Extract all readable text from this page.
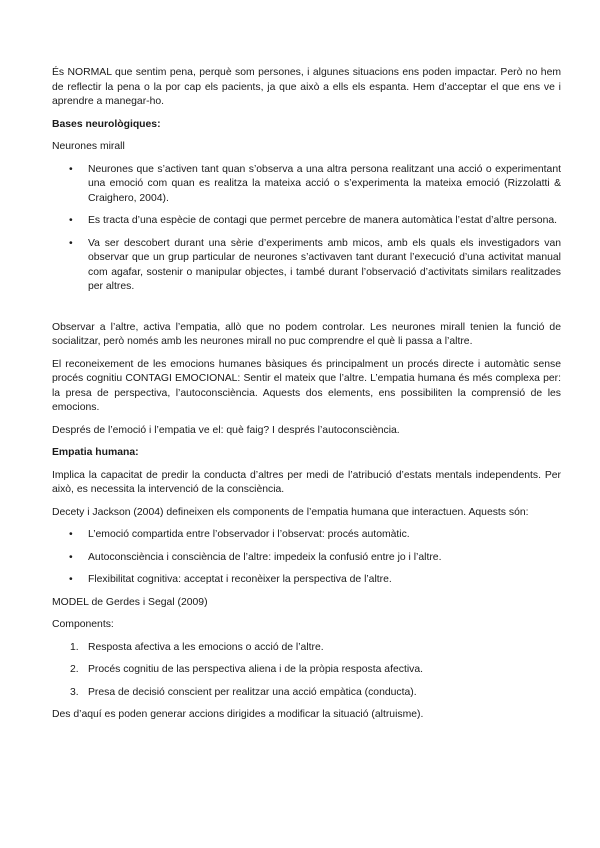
És NORMAL que sentim pena, perquè som persones, i algunes situacions ens poden impactar. Però no hem de reflectir la pena o la por cap els pacients, ja que això a ells els espanta. Hem d’acceptar el que ens ve i aprendre a manegar-ho.

Bases neurològiques:

Neurones mirall

• Neurones que s’activen tant quan s’observa a una altra persona realitzant una acció o experimentant una emoció com quan es realitza la mateixa acció o s’experimenta la mateixa emoció (Rizzolatti & Craighero, 2004).
• Es tracta d’una espècie de contagi que permet percebre de manera automàtica l’estat d’altre persona.
• Va ser descobert durant una sèrie d’experiments amb micos, amb els quals els investigadors van observar que un grup particular de neurones s’activaven tant durant l’execució d’una activitat manual com agafar, sostenir o manipular objectes, i també durant l’observació d’activitats similars realitzades per altres.

Observar a l’altre, activa l’empatia, allò que no podem controlar. Les neurones mirall tenien la funció de socialitzar, però només amb les neurones mirall no puc comprendre el què li passa a l’altre.

El reconeixement de les emocions humanes bàsiques és principalment un procés directe i automàtic sense procés cognitiu CONTAGI EMOCIONAL: Sentir el mateix que l’altre. L’empatia humana és més complexa per: la presa de perspectiva, l’autoconsciència. Aquests dos elements, ens possibiliten la comprensió de les emocions.

Després de l’emoció i l’empatia ve el: què faig? I després l’autoconsciència.

Empatia humana:

Implica la capacitat de predir la conducta d’altres per medi de l’atribució d’estats mentals independents. Per això, es necessita la intervenció de la consciència.

Decety i Jackson (2004) defineixen els components de l’empatia humana que interactuen. Aquests són:

• L’emoció compartida entre l’observador i l’observat: procés automàtic.
• Autoconsciència i consciència de l’altre: impedeix la confusió entre jo i l’altre.
• Flexibilitat cognitiva: acceptat i reconèixer la perspectiva de l’altre.

MODEL de Gerdes i Segal (2009)

Components:

1. Resposta afectiva a les emocions o acció de l’altre.
2. Procés cognitiu de las perspectiva aliena i de la pròpia resposta afectiva.
3. Presa de decisió conscient per realitzar una acció empàtica (conducta).

Des d’aquí es poden generar accions dirigides a modificar la situació (altruisme).
